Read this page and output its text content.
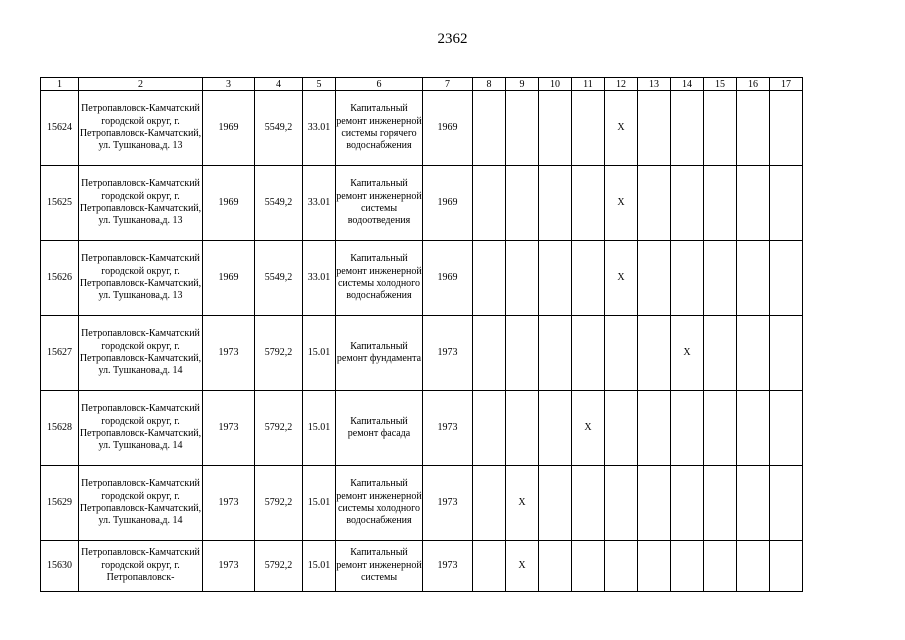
2362
1	2	3	4	5	6	7	8	9	10	11	12	13	14	15	16	17

15624	Петропавловск-Камчатский городской округ, г. Петропавловск-Камчатский, ул. Тушканова,д. 13	1969	5549,2	33.01	Капитальный ремонт инженерной системы горячего водоснабжения	1969					X					

15625	Петропавловск-Камчатский городской округ, г. Петропавловск-Камчатский, ул. Тушканова,д. 13	1969	5549,2	33.01	Капитальный ремонт инженерной системы водоотведения	1969					X					

15626	Петропавловск-Камчатский городской округ, г. Петропавловск-Камчатский, ул. Тушканова,д. 13	1969	5549,2	33.01	Капитальный ремонт инженерной системы холодного водоснабжения	1969					X					

15627	Петропавловск-Камчатский городской округ, г. Петропавловск-Камчатский, ул. Тушканова,д. 14	1973	5792,2	15.01	Капитальный ремонт фундамента	1973							X			

15628	Петропавловск-Камчатский городской округ, г. Петропавловск-Камчатский, ул. Тушканова,д. 14	1973	5792,2	15.01	Капитальный ремонт фасада	1973				X						

15629	Петропавловск-Камчатский городской округ, г. Петропавловск-Камчатский, ул. Тушканова,д. 14	1973	5792,2	15.01	Капитальный ремонт инженерной системы холодного водоснабжения	1973		X								

15630	Петропавловск-Камчатский городской округ, г. Петропавловск-	1973	5792,2	15.01	Капитальный ремонт инженерной системы	1973		X								
